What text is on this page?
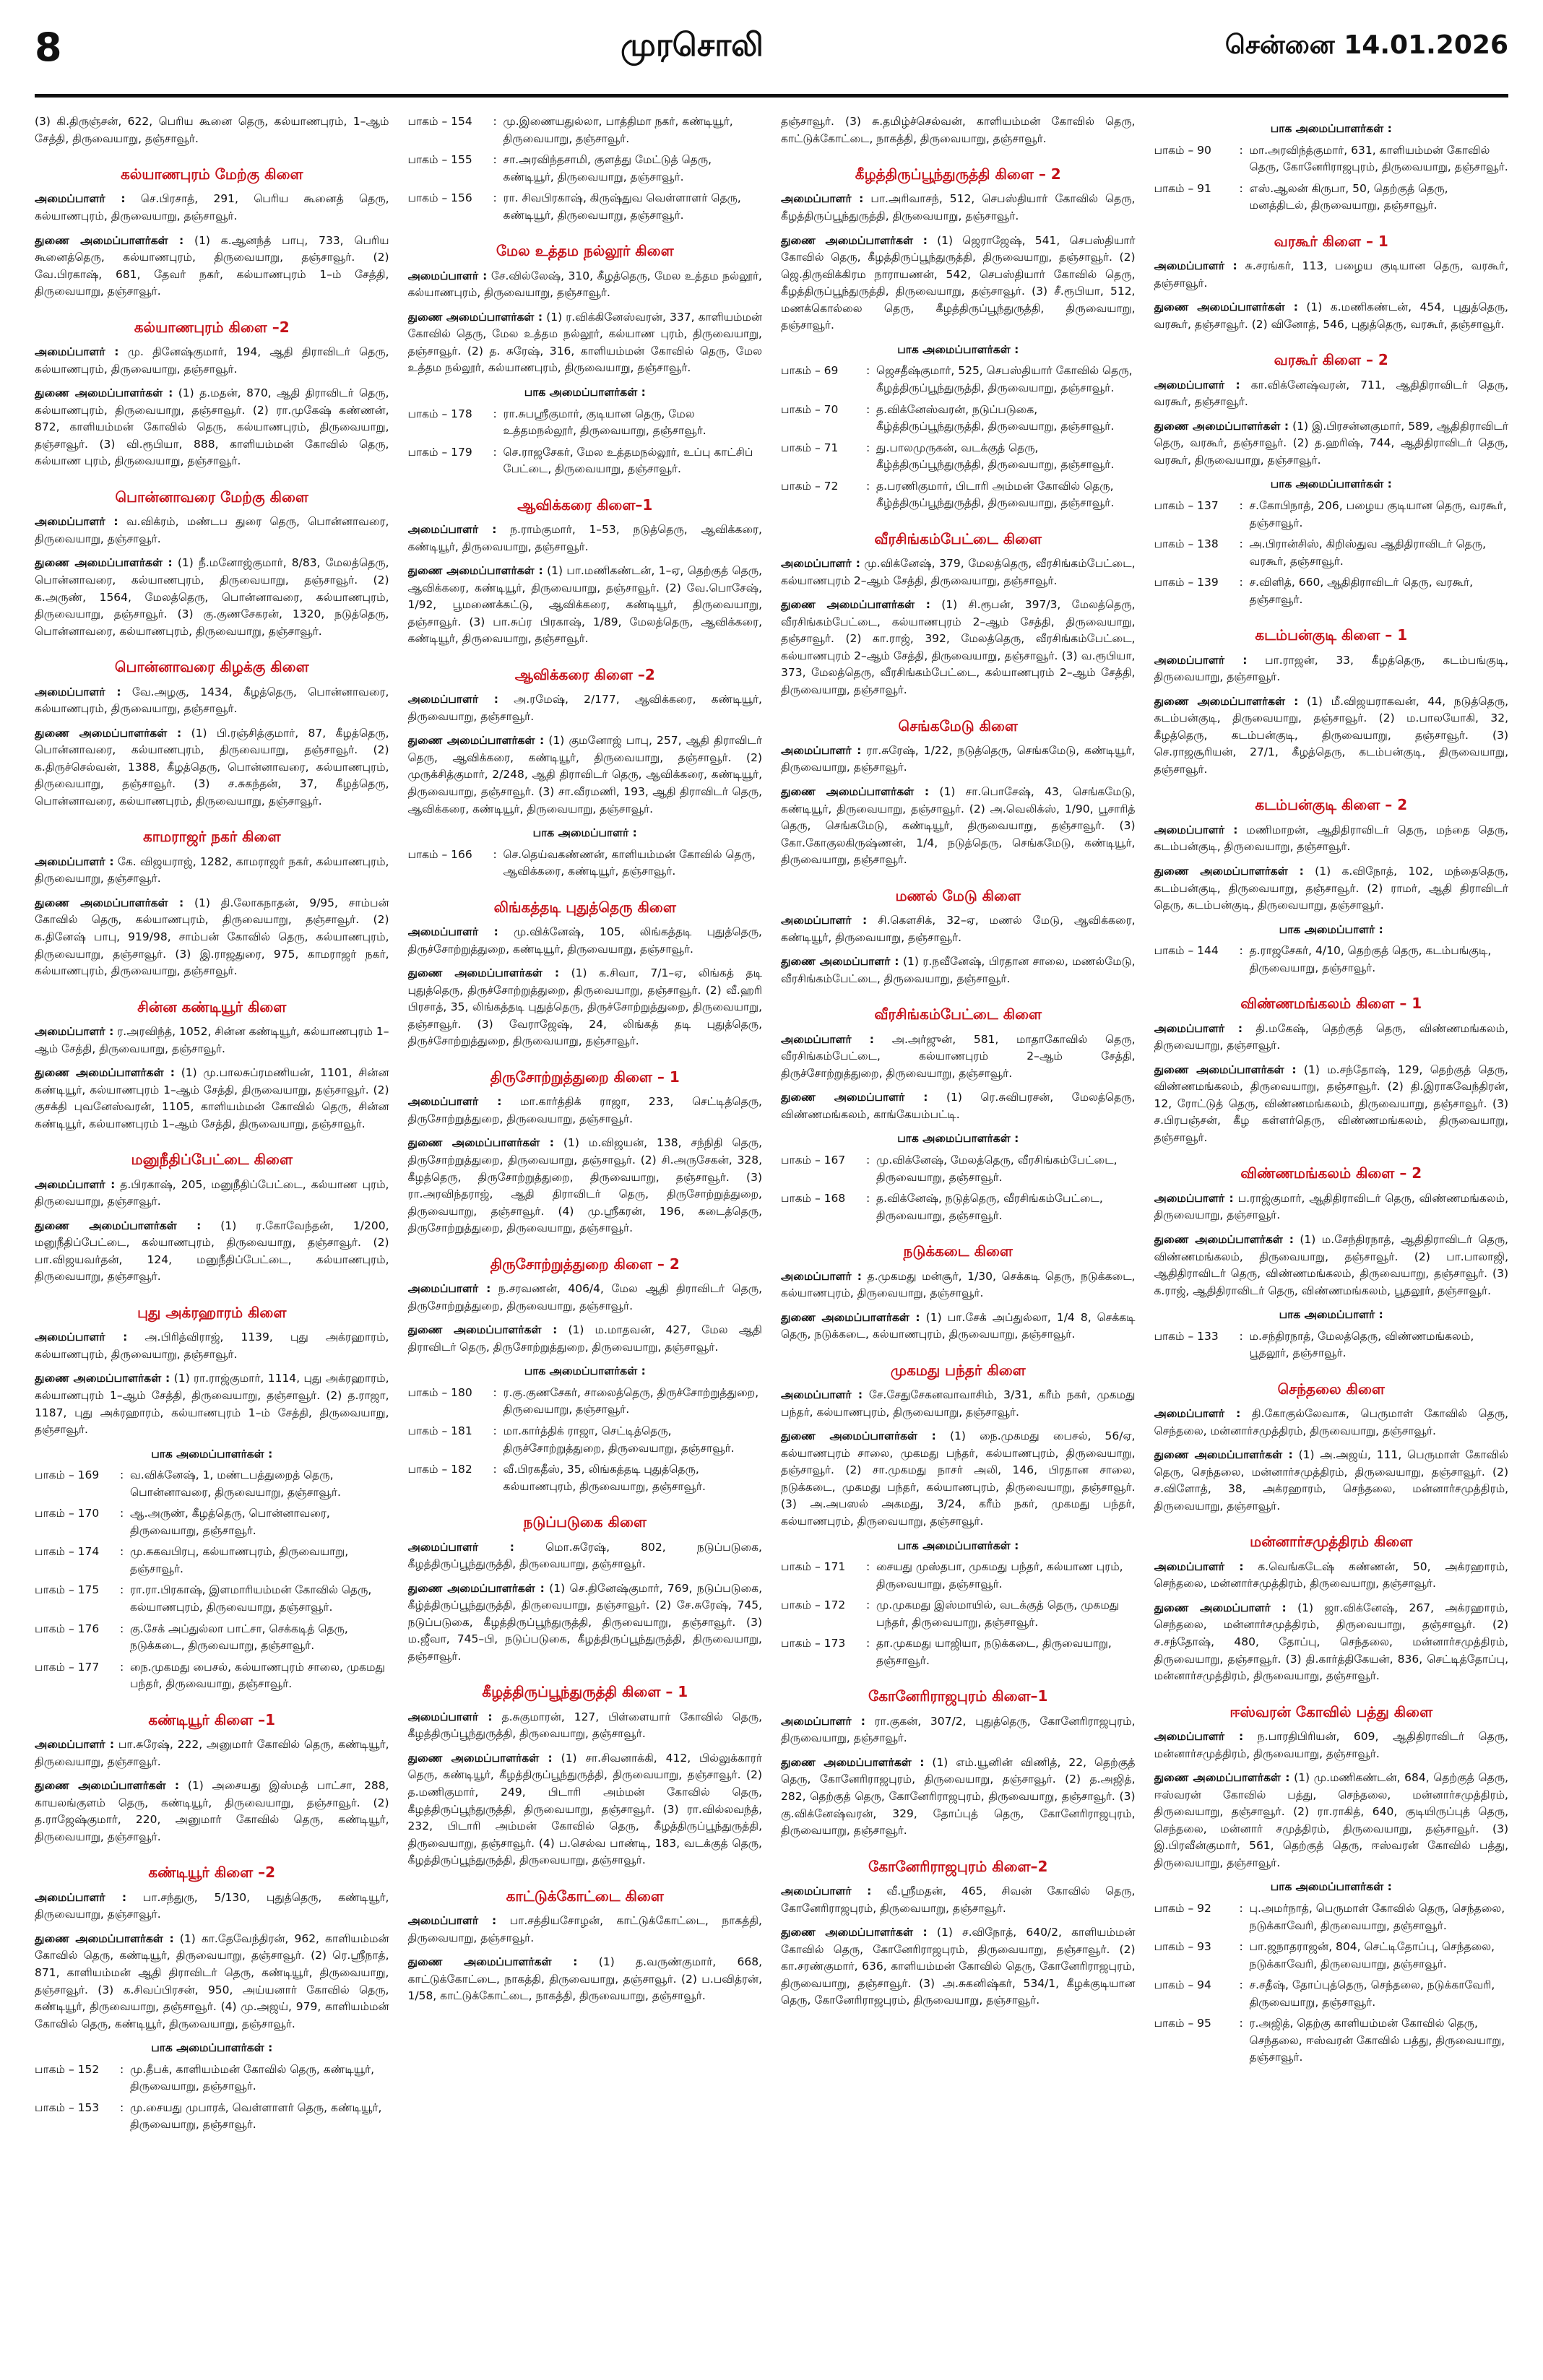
8	முரசொலி	சென்னை 14.01.2026

(3) கி.திருஞ்சன், 622, பெரிய கூனை தெரு, கல்யாணபுரம், 1–ஆம் சேத்தி, திருவையாறு, தஞ்சாவூர்.

கல்யாணபுரம் மேற்கு கிளை

அமைப்பாளர் : செ.பிரசாத், 291, பெரிய கூனைத் தெரு, கல்யாணபுரம், திருவையாறு, தஞ்சாவூர்.

துணை அமைப்பாளர்கள் : (1) க.ஆனந்த் பாபு, 733, பெரிய கூனைத்தெரு, கல்யாணபுரம், திருவையாறு, தஞ்சாவூர். (2) வே.பிரகாஷ், 681, தேவர் நகர், கல்யாணபுரம் 1–ம் சேத்தி, திருவையாறு, தஞ்சாவூர்.

கல்யாணபுரம் கிளை –2

அமைப்பாளர் : மு. தினேஷ்குமார், 194, ஆதி திராவிடர் தெரு, கல்யாணபுரம், திருவையாறு, தஞ்சாவூர்.

துணை அமைப்பாளர்கள் : (1) த.மதன், 870, ஆதி திராவிடர் தெரு, கல்யாணபுரம், திருவையாறு, தஞ்சாவூர். (2) ரா.முகேஷ் கண்ணன், 872, காளியம்மன் கோவில் தெரு, கல்யாணபுரம், திருவையாறு, தஞ்சாவூர். (3) வி.ரூபியா, 888, காளியம்மன் கோவில் தெரு, கல்யாண புரம், திருவையாறு, தஞ்சாவூர்.

பொன்னாவரை மேற்கு கிளை

அமைப்பாளர் : வ.விக்ரம், மண்டப துரை தெரு, பொன்னாவரை, திருவையாறு, தஞ்சாவூர்.

துணை அமைப்பாளர்கள் : (1) நீ.மனோஜ்குமார், 8/83, மேலத்தெரு, பொன்னாவரை, கல்யாணபுரம், திருவையாறு, தஞ்சாவூர். (2) க.அருண், 1564, மேலத்தெரு, பொன்னாவரை, கல்யாணபுரம், திருவையாறு, தஞ்சாவூர். (3) கு.குணசேகரன், 1320, நடுத்தெரு, பொன்னாவரை, கல்யாணபுரம், திருவையாறு, தஞ்சாவூர்.

பொன்னாவரை கிழக்கு கிளை

அமைப்பாளர் : வே.அழகு, 1434, கீழத்தெரு, பொன்னாவரை, கல்யாணபுரம், திருவையாறு, தஞ்சாவூர்.

துணை அமைப்பாளர்கள் : (1) பி.ரஞ்சித்குமார், 87, கீழத்தெரு, பொன்னாவரை, கல்யாணபுரம், திருவையாறு, தஞ்சாவூர். (2) க.திருச்செல்வன், 1388, கீழத்தெரு, பொன்னாவரை, கல்யாணபுரம், திருவையாறு, தஞ்சாவூர். (3) ச.சுகந்தன், 37, கீழத்தெரு, பொன்னாவரை, கல்யாணபுரம், திருவையாறு, தஞ்சாவூர்.

காமராஜர் நகர் கிளை

அமைப்பாளர் : கே. விஜயராஜ், 1282, காமராஜர் நகர், கல்யாணபுரம், திருவையாறு, தஞ்சாவூர்.

துணை அமைப்பாளர்கள் : (1) தி.லோகநாதன், 9/95, சாம்பன் கோவில் தெரு, கல்யாணபுரம், திருவையாறு, தஞ்சாவூர். (2) க.தினேஷ் பாபு, 919/98, சாம்பன் கோவில் தெரு, கல்யாணபுரம், திருவையாறு, தஞ்சாவூர். (3) இ.ராஜதுரை, 975, காமராஜர் நகர், கல்யாணபுரம், திருவையாறு, தஞ்சாவூர்.

சின்ன கண்டியூர் கிளை

அமைப்பாளர் : ர.அரவிந்த், 1052, சின்ன கண்டியூர், கல்யாணபுரம் 1–ஆம் சேத்தி, திருவையாறு, தஞ்சாவூர்.

துணை அமைப்பாளர்கள் : (1) மு.பாலசுப்ரமணியன், 1101, சின்ன கண்டியூர், கல்யாணபுரம் 1–ஆம் சேத்தி, திருவையாறு, தஞ்சாவூர். (2) குசக்தி புவனேஸ்வரன், 1105, காளியம்மன் கோவில் தெரு, சின்ன கண்டியூர், கல்யாணபுரம் 1–ஆம் சேத்தி, திருவையாறு, தஞ்சாவூர்.

மனுநீதிப்பேட்டை கிளை

அமைப்பாளர் : த.பிரகாஷ், 205, மனுநீதிப்பேட்டை, கல்யாண புரம், திருவையாறு, தஞ்சாவூர்.

துணை அமைப்பாளர்கள் : (1) ர.கோவேந்தன், 1/200, மனுநீதிப்பேட்டை, கல்யாணபுரம், திருவையாறு, தஞ்சாவூர். (2) பா.விஜயவர்தன், 124, மனுநீதிப்பேட்டை, கல்யாணபுரம், திருவையாறு, தஞ்சாவூர்.

புது அக்ரஹாரம் கிளை

அமைப்பாளர் : அ.பிரித்விராஜ், 1139, புது அக்ரஹாரம், கல்யாணபுரம், திருவையாறு, தஞ்சாவூர்.

துணை அமைப்பாளர்கள் : (1) ரா.ராஜ்குமார், 1114, புது அக்ரஹாரம், கல்யாணபுரம் 1–ஆம் சேத்தி, திருவையாறு, தஞ்சாவூர். (2) த.ராஜா, 1187, புது அக்ரஹாரம், கல்யாணபுரம் 1–ம் சேத்தி, திருவையாறு, தஞ்சாவூர்.

பாக அமைப்பாளர்கள் :
பாகம் – 169	: வ.விக்னேஷ், 1, மண்டபத்துறைத் தெரு, பொன்னாவரை, திருவையாறு, தஞ்சாவூர்.
பாகம் – 170	: ஆ.அருண், கீழத்தெரு, பொன்னாவரை, திருவையாறு, தஞ்சாவூர்.
பாகம் – 174	: மு.சுகவபிரபு, கல்யாணபுரம், திருவையாறு, தஞ்சாவூர்.
பாகம் – 175	: ரா.ரா.பிரகாஷ், இளமாரியம்மன் கோவில் தெரு, கல்யாணபுரம், திருவையாறு, தஞ்சாவூர்.
பாகம் – 176	: கு.சேக் அப்துல்லா பாட்சா, செக்கடித் தெரு, நடுக்கடை, திருவையாறு, தஞ்சாவூர்.
பாகம் – 177	: நை.முகமது பைசல், கல்யாணபுரம் சாலை, முகமது பந்தர், திருவையாறு, தஞ்சாவூர்.
கண்டியூர் கிளை –1

அமைப்பாளர் : பா.சுரேஷ், 222, அனுமார் கோவில் தெரு, கண்டியூர், திருவையாறு, தஞ்சாவூர்.

துணை அமைப்பாளர்கள் : (1) அசையது இஸ்மத் பாட்சா, 288, காயலங்குளம் தெரு, கண்டியூர், திருவையாறு, தஞ்சாவூர். (2) த.ராஜேஷ்குமார், 220, அனுமார் கோவில் தெரு, கண்டியூர், திருவையாறு, தஞ்சாவூர்.

கண்டியூர் கிளை –2

அமைப்பாளர் : பா.சந்துரு, 5/130, புதுத்தெரு, கண்டியூர், திருவையாறு, தஞ்சாவூர்.

துணை அமைப்பாளர்கள் : (1) கா.தேவேந்திரன், 962, காளியம்மன் கோவில் தெரு, கண்டியூர், திருவையாறு, தஞ்சாவூர். (2) ரெ.ஸ்ரீநாத், 871, காளியம்மன் ஆதி திராவிடர் தெரு, கண்டியூர், திருவையாறு, தஞ்சாவூர். (3) க.சிவப்பிரசன், 950, அய்யனார் கோவில் தெரு, கண்டியூர், திருவையாறு, தஞ்சாவூர். (4) மு.அஜய், 979, காளியம்மன் கோவில் தெரு, கண்டியூர், திருவையாறு, தஞ்சாவூர்.

பாக அமைப்பாளர்கள் :
பாகம் – 152	: மு.தீபக், காளியம்மன் கோவில் தெரு, கண்டியூர், திருவையாறு, தஞ்சாவூர்.
பாகம் – 153	: மு.சையது முபாரக், வெள்ளாளர் தெரு, கண்டியூர், திருவையாறு, தஞ்சாவூர்.
பாகம் – 154	: மு.இணையதுல்லா, பாத்திமா நகர், கண்டியூர், திருவையாறு, தஞ்சாவூர்.
பாகம் – 155	: சா.அரவிந்தசாமி, குளத்து மேட்டுத் தெரு, கண்டியூர், திருவையாறு, தஞ்சாவூர்.
பாகம் – 156	: ரா. சிவபிரகாஷ், கிருஷ்துவ வெள்ளாளர் தெரு, கண்டியூர், திருவையாறு, தஞ்சாவூர்.
மேல உத்தம நல்லூர் கிளை

அமைப்பாளர் : சே.வில்லேஷ், 310, கீழத்தெரு, மேல உத்தம நல்லூர், கல்யாணபுரம், திருவையாறு, தஞ்சாவூர்.

துணை அமைப்பாளர்கள் : (1) ர.விக்கினேஸ்வரன், 337, காளியம்மன் கோவில் தெரு, மேல உத்தம நல்லூர், கல்யாண புரம், திருவையாறு, தஞ்சாவூர். (2) த. சுரேஷ், 316, காளியம்மன் கோவில் தெரு, மேல உத்தம நல்லூர், கல்யாணபுரம், திருவையாறு, தஞ்சாவூர்.

பாக அமைப்பாளர்கள் :
பாகம் – 178	: ரா.சுபஸ்ரீகுமார், குடியான தெரு, மேல உத்தமநல்லூர், திருவையாறு, தஞ்சாவூர்.
பாகம் – 179	: செ.ராஜசேகர், மேல உத்தமநல்லூர், உப்பு காட்சிப் பேட்டை, திருவையாறு, தஞ்சாவூர்.
ஆவிக்கரை கிளை–1

அமைப்பாளர் : ந.ராம்குமார், 1–53, நடுத்தெரு, ஆவிக்கரை, கண்டியூர், திருவையாறு, தஞ்சாவூர்.

துணை அமைப்பாளர்கள் : (1) பா.மணிகண்டன், 1–ஏ, தெற்குத் தெரு, ஆவிக்கரை, கண்டியூர், திருவையாறு, தஞ்சாவூர். (2) வே.பொசேஷ், 1/92, பூமணைக்கட்டு, ஆவிக்கரை, கண்டியூர், திருவையாறு, தஞ்சாவூர். (3) பா.சுப்ர பிரகாஷ், 1/89, மேலத்தெரு, ஆவிக்கரை, கண்டியூர், திருவையாறு, தஞ்சாவூர்.

ஆவிக்கரை கிளை –2

அமைப்பாளர் : அ.ரமேஷ், 2/177, ஆவிக்கரை, கண்டியூர், திருவையாறு, தஞ்சாவூர்.

துணை அமைப்பாளர்கள் : (1) குமனோஜ் பாபு, 257, ஆதி திராவிடர் தெரு, ஆவிக்கரை, கண்டியூர், திருவையாறு, தஞ்சாவூர். (2) முருக்சித்குமார், 2/248, ஆதி திராவிடர் தெரு, ஆவிக்கரை, கண்டியூர், திருவையாறு, தஞ்சாவூர். (3) சா.வீரமணி, 193, ஆதி திராவிடர் தெரு, ஆவிக்கரை, கண்டியூர், திருவையாறு, தஞ்சாவூர்.

பாக அமைப்பாளர் :
பாகம் – 166	: செ.தெய்வகண்ணன், காளியம்மன் கோவில் தெரு, ஆவிக்கரை, கண்டியூர், தஞ்சாவூர்.
லிங்கத்தடி புதுத்தெரு கிளை

அமைப்பாளர் : மு.விக்னேஷ், 105, லிங்கத்தடி புதுத்தெரு, திருச்சோற்றுத்துறை, கண்டியூர், திருவையாறு, தஞ்சாவூர்.

துணை அமைப்பாளர்கள் : (1) க.சிவா, 7/1–ஏ, லிங்கத் தடி புதுத்தெரு, திருச்சோற்றுத்துறை, திருவையாறு, தஞ்சாவூர். (2) வீ.ஹரி பிரசாத், 35, லிங்கத்தடி புதுத்தெரு, திருச்சோற்றுத்துறை, திருவையாறு, தஞ்சாவூர். (3) வேராஜேஷ், 24, லிங்கத் தடி புதுத்தெரு, திருச்சோற்றுத்துறை, திருவையாறு, தஞ்சாவூர்.

திருசோற்றுத்துறை கிளை – 1

அமைப்பாளர் : மா.கார்த்திக் ராஜா, 233, செட்டித்தெரு, திருசோற்றுத்துறை, திருவையாறு, தஞ்சாவூர்.

துணை அமைப்பாளர்கள் : (1) ம.விஜயன், 138, சந்நிதி தெரு, திருசோற்றுத்துறை, திருவையாறு, தஞ்சாவூர். (2) சி.அருசேகன், 328, கீழத்தெரு, திருசோற்றுத்துறை, திருவையாறு, தஞ்சாவூர். (3) ரா.அரவிந்தராஜ், ஆதி திராவிடர் தெரு, திருசோற்றுத்துறை, திருவையாறு, தஞ்சாவூர். (4) மு.ஸ்ரீகரன், 196, கடைத்தெரு, திருசோற்றுத்துறை, திருவையாறு, தஞ்சாவூர்.

திருசோற்றுத்துறை கிளை – 2

அமைப்பாளர் : ந.சரவணன், 406/4, மேல ஆதி திராவிடர் தெரு, திருசோற்றுத்துறை, திருவையாறு, தஞ்சாவூர்.

துணை அமைப்பாளர்கள் : (1) ம.மாதவன், 427, மேல ஆதி திராவிடர் தெரு, திருசோற்றுத்துறை, திருவையாறு, தஞ்சாவூர்.

பாக அமைப்பாளர்கள் :
பாகம் – 180	: ர.கு.குணசேகர், சாலைத்தெரு, திருச்சோற்றுத்துறை, திருவையாறு, தஞ்சாவூர்.
பாகம் – 181	: மா.கார்த்திக் ராஜா, செட்டித்தெரு, திருச்சோற்றுத்துறை, திருவையாறு, தஞ்சாவூர்.
பாகம் – 182	: வீ.பிரகதீஸ், 35, லிங்கத்தடி புதுத்தெரு, கல்யாணபுரம், திருவையாறு, தஞ்சாவூர்.
நடுப்படுகை கிளை

அமைப்பாளர் :	மொ.சுரேஷ், 802, நடுப்படுகை, கீழத்திருப்பூந்துருத்தி, திருவையாறு, தஞ்சாவூர்.

துணை அமைப்பாளர்கள் : (1) செ.தினேஷ்குமார், 769, நடுப்படுகை, கீழ்த்திருப்பூந்துருத்தி, திருவையாறு, தஞ்சாவூர். (2) சே.சுரேஷ், 745, நடுப்படுகை, கீழத்திருப்பூந்துருத்தி, திருவையாறு, தஞ்சாவூர். (3) ம.ஜீவா, 745–பி, நடுப்படுகை, கீழத்திருப்பூந்துருத்தி, திருவையாறு, தஞ்சாவூர்.

கீழத்திருப்பூந்துருத்தி கிளை – 1

அமைப்பாளர் : த.சுகுமாரன், 127, பிள்ளையார் கோவில் தெரு, கீழத்திருப்பூந்துருத்தி, திருவையாறு, தஞ்சாவூர்.

துணை அமைப்பாளர்கள் : (1) சா.சிவனாக்கி, 412, பில்லுக்காரர் தெரு, கண்டியூர், கீழத்திருப்பூந்துருத்தி, திருவையாறு, தஞ்சாவூர். (2) த.மணிகுமார், 249, பிடாரி அம்மன் கோவில் தெரு, கீழத்திருப்பூந்துருத்தி, திருவையாறு, தஞ்சாவூர். (3) ரா.வில்லவந்த், 232, பிடாரி அம்மன் கோவில் தெரு, கீழத்திருப்பூந்துருத்தி, திருவையாறு, தஞ்சாவூர். (4) ப.செல்வ பாண்டி, 183, வடக்குத் தெரு, கீழத்திருப்பூந்துருத்தி, திருவையாறு, தஞ்சாவூர்.

காட்டுக்கோட்டை கிளை

அமைப்பாளர் : பா.சத்தியசோழன், காட்டுக்கோட்டை, நாகத்தி, திருவையாறு, தஞ்சாவூர்.

துணை அமைப்பாளர்கள் : (1) த.வருண்குமார், 668, காட்டுக்கோட்டை, நாகத்தி, திருவையாறு, தஞ்சாவூர். (2) ப.பவித்ரன், 1/58, காட்டுக்கோட்டை, நாகத்தி, திருவையாறு, தஞ்சாவூர்.

தஞ்சாவூர். (3) சு.தமிழ்ச்செல்வன், காளியம்மன் கோவில் தெரு, காட்டுக்கோட்டை, நாகத்தி, திருவையாறு, தஞ்சாவூர்.

கீழத்திருப்பூந்துருத்தி கிளை – 2

அமைப்பாளர் : பா.அரிவாசந், 512, செபஸ்தியார் கோவில் தெரு, கீழத்திருப்பூந்துருத்தி, திருவையாறு, தஞ்சாவூர்.

துணை அமைப்பாளர்கள் : (1) ஜெராஜேஷ், 541, செபஸ்தியார் கோவில் தெரு, கீழத்திருப்பூந்துருத்தி, திருவையாறு, தஞ்சாவூர். (2) ஜெ.திருவிக்கிரம நாராயணன், 542, செபஸ்தியார் கோவில் தெரு, கீழத்திருப்பூந்துருத்தி, திருவையாறு, தஞ்சாவூர். (3) சீ.ரூபியா, 512, மணக்கொல்லை தெரு, கீழத்திருப்பூந்துருத்தி, திருவையாறு, தஞ்சாவூர்.

பாக அமைப்பாளர்கள் :
பாகம் – 69	: ஜெசதீஷ்குமார், 525, செபஸ்தியார் கோவில் தெரு, கீழத்திருப்பூந்துருத்தி, திருவையாறு, தஞ்சாவூர்.
பாகம் – 70	: த.விக்னேஸ்வரன், நடுப்படுகை, கீழ்த்திருப்பூந்துருத்தி, திருவையாறு, தஞ்சாவூர்.
பாகம் – 71	: து.பாலமுருகன், வடக்குத் தெரு, கீழ்த்திருப்பூந்துருத்தி, திருவையாறு, தஞ்சாவூர்.
பாகம் – 72	: த.பரணிகுமார், பிடாரி அம்மன் கோவில் தெரு, கீழ்த்திருப்பூந்துருத்தி, திருவையாறு, தஞ்சாவூர்.
வீரசிங்கம்பேட்டை கிளை

அமைப்பாளர் : மு.விக்னேஷ், 379, மேலத்தெரு, வீரசிங்கம்பேட்டை, கல்யாணபுரம் 2–ஆம் சேத்தி, திருவையாறு, தஞ்சாவூர்.

துணை அமைப்பாளர்கள் : (1) சி.ரூபன், 397/3, மேலத்தெரு, வீரசிங்கம்பேட்டை, கல்யாணபுரம் 2–ஆம் சேத்தி, திருவையாறு, தஞ்சாவூர். (2) கா.ராஜ், 392, மேலத்தெரு, வீரசிங்கம்பேட்டை, கல்யாணபுரம் 2–ஆம் சேத்தி, திருவையாறு, தஞ்சாவூர். (3) வ.ரூபியா, 373, மேலத்தெரு, வீரசிங்கம்பேட்டை, கல்யாணபுரம் 2–ஆம் சேத்தி, திருவையாறு, தஞ்சாவூர்.

செங்கமேடு கிளை

அமைப்பாளர் : ரா.சுரேஷ், 1/22, நடுத்தெரு, செங்கமேடு, கண்டியூர், திருவையாறு, தஞ்சாவூர்.

துணை அமைப்பாளர்கள் : (1) சா.பொசேஷ், 43, செங்கமேடு, கண்டியூர், திருவையாறு, தஞ்சாவூர். (2) அ.வெலிக்ஸ், 1/90, பூசாரித் தெரு, செங்கமேடு, கண்டியூர், திருவையாறு, தஞ்சாவூர். (3) கோ.கோகுலகிருஷ்ணன், 1/4, நடுத்தெரு, செங்கமேடு, கண்டியூர், திருவையாறு, தஞ்சாவூர்.

மணல் மேடு கிளை

அமைப்பாளர் : சி.கௌசிக், 32–ஏ, மணல் மேடு, ஆவிக்கரை, கண்டியூர், திருவையாறு, தஞ்சாவூர்.

துணை அமைப்பாளர் : (1) ர.நவீனேஷ், பிரதான சாலை, மணல்மேடு, வீரசிங்கம்பேட்டை, திருவையாறு, தஞ்சாவூர்.

வீரசிங்கம்பேட்டை கிளை

அமைப்பாளர் : அ.அர்ஜுன், 581, மாதாகோவில் தெரு, வீரசிங்கம்பேட்டை, கல்யாணபுரம் 2–ஆம் சேத்தி, திருச்சோற்றுத்துறை, திருவையாறு, தஞ்சாவூர்.

துணை அமைப்பாளர் : (1) ரெ.சுவிபரசன், மேலத்தெரு, விண்ணமங்கலம், காங்கேயம்பட்டி.

பாக அமைப்பாளர்கள் :
பாகம் – 167	: மு.விக்னேஷ், மேலத்தெரு, வீரசிங்கம்பேட்டை, திருவையாறு, தஞ்சாவூர்.
பாகம் – 168	: த.விக்னேஷ், நடுத்தெரு, வீரசிங்கம்பேட்டை, திருவையாறு, தஞ்சாவூர்.
நடுக்கடை கிளை

அமைப்பாளர் : த.முகமது மன்சூர், 1/30, செக்கடி தெரு, நடுக்கடை, கல்யாணபுரம், திருவையாறு, தஞ்சாவூர்.

துணை அமைப்பாளர்கள் : (1) பா.சேக் அப்துல்லா, 1/4 8, செக்கடி தெரு, நடுக்கடை, கல்யாணபுரம், திருவையாறு, தஞ்சாவூர்.

முகமது பந்தர் கிளை

அமைப்பாளர் : சே.சேதுசேகனவாவாசிம், 3/31, கரீம் நகர், முகமது பந்தர், கல்யாணபுரம், திருவையாறு, தஞ்சாவூர்.

துணை அமைப்பாளர்கள் : (1) நை.முகமது பைசல், 56/ஏ, கல்யாணபுரம் சாலை, முகமது பந்தர், கல்யாணபுரம், திருவையாறு, தஞ்சாவூர். (2) சா.முகமது நாசர் அலி, 146, பிரதான சாலை, நடுக்கடை, முகமது பந்தர், கல்யாணபுரம், திருவையாறு, தஞ்சாவூர். (3) அ.அபஸல் அகமது, 3/24, கரீம் நகர், முகமது பந்தர், கல்யாணபுரம், திருவையாறு, தஞ்சாவூர்.

பாக அமைப்பாளர்கள் :
பாகம் – 171	: சையது முஸ்தபா, முகமது பந்தர், கல்யாண புரம், திருவையாறு, தஞ்சாவூர்.
பாகம் – 172	: மு.முகமது இஸ்மாயில், வடக்குத் தெரு, முகமது பந்தர், திருவையாறு, தஞ்சாவூர்.
பாகம் – 173	: தா.முகமது யாஜியா, நடுக்கடை, திருவையாறு, தஞ்சாவூர்.
கோனேரிராஜபுரம் கிளை–1

அமைப்பாளர் : ரா.குகன், 307/2, புதுத்தெரு, கோனேரிராஜபுரம், திருவையாறு, தஞ்சாவூர்.

துணை அமைப்பாளர்கள் : (1) எம்.யூனின் விணித், 22, தெற்குத் தெரு, கோனேரிராஜபுரம், திருவையாறு, தஞ்சாவூர். (2) த.அஜித், 282, தெற்குத் தெரு, கோனேரிராஜபுரம், திருவையாறு, தஞ்சாவூர். (3) கு.விக்னேஷ்வரன், 329, தோப்புத் தெரு, கோனேரிராஜபுரம், திருவையாறு, தஞ்சாவூர்.

கோனேரிராஜபுரம் கிளை–2

அமைப்பாளர் : வீ.ஸ்ரீமதன், 465, சிவன் கோவில் தெரு, கோனேரிராஜபுரம், திருவையாறு, தஞ்சாவூர்.

துணை அமைப்பாளர்கள் : (1) ச.விநோத், 640/2, காளியம்மன் கோவில் தெரு, கோனேரிராஜபுரம், திருவையாறு, தஞ்சாவூர். (2) கா.சரண்குமார், 636, காளியம்மன் கோவில் தெரு, கோனேரிராஜபுரம், திருவையாறு, தஞ்சாவூர். (3) அ.சுகனிஷ்கர், 534/1, கீழக்குடியான தெரு, கோனேரிராஜபுரம், திருவையாறு, தஞ்சாவூர்.

பாக அமைப்பாளர்கள் :
பாகம் – 90	: மா.அரவிந்த்குமார், 631, காளியம்மன் கோவில் தெரு, கோனேரிராஜபுரம், திருவையாறு, தஞ்சாவூர்.
பாகம் – 91	: எஸ்.ஆலன் கிருபா, 50, தெற்குத் தெரு, மனத்திடல், திருவையாறு, தஞ்சாவூர்.
வரகூர் கிளை – 1

அமைப்பாளர் : சு.சரங்கர், 113, பழைய குடியான தெரு, வரகூர், தஞ்சாவூர்.

துணை அமைப்பாளர்கள் : (1) க.மணிகண்டன், 454, புதுத்தெரு, வரகூர், தஞ்சாவூர். (2) வினோத், 546, புதுத்தெரு, வரகூர், தஞ்சாவூர்.

வரகூர் கிளை – 2

அமைப்பாளர் : கா.விக்னேஷ்வரன், 711, ஆதிதிராவிடர் தெரு, வரகூர், தஞ்சாவூர்.

துணை அமைப்பாளர்கள் : (1) இ.பிரசன்னகுமார், 589, ஆதிதிராவிடர் தெரு, வரகூர், தஞ்சாவூர். (2) த.ஹரிஷ், 744, ஆதிதிராவிடர் தெரு, வரகூர், திருவையாறு, தஞ்சாவூர்.

பாக அமைப்பாளர்கள் :
பாகம் – 137	: ச.கோபிநாத், 206, பழைய குடியான தெரு, வரகூர், தஞ்சாவூர்.
பாகம் – 138	: அ.பிரான்சிஸ், கிறிஸ்துவ ஆதிதிராவிடர் தெரு, வரகூர், தஞ்சாவூர்.
பாகம் – 139	: ச.விளித், 660, ஆதிதிராவிடர் தெரு, வரகூர், தஞ்சாவூர்.
கடம்பன்குடி கிளை – 1

அமைப்பாளர் : பா.ராஜன், 33, கீழத்தெரு, கடம்பங்குடி, திருவையாறு, தஞ்சாவூர்.

துணை அமைப்பாளர்கள் : (1) மீ.விஜயராகவன், 44, நடுத்தெரு, கடம்பன்குடி, திருவையாறு, தஞ்சாவூர். (2) ம.பாலயோகி, 32, கீழத்தெரு, கடம்பன்குடி, திருவையாறு, தஞ்சாவூர். (3) செ.ராஜசூரியன், 27/1, கீழத்தெரு, கடம்பன்குடி, திருவையாறு, தஞ்சாவூர்.

கடம்பன்குடி கிளை – 2

அமைப்பாளர் : மணிமாறன், ஆதிதிராவிடர் தெரு, மந்தை தெரு, கடம்பன்குடி, திருவையாறு, தஞ்சாவூர்.

துணை அமைப்பாளர்கள் : (1) க.விநோத், 102, மந்தைதெரு, கடம்பன்குடி, திருவையாறு, தஞ்சாவூர். (2) ராமர், ஆதி திராவிடர் தெரு, கடம்பன்குடி, திருவையாறு, தஞ்சாவூர்.

பாக அமைப்பாளர் :
பாகம் – 144	: த.ராஜசேகர், 4/10, தெற்குத் தெரு, கடம்பங்குடி, திருவையாறு, தஞ்சாவூர்.
விண்ணமங்கலம் கிளை – 1

அமைப்பாளர் : தி.மகேஷ், தெற்குத் தெரு, விண்ணமங்கலம், திருவையாறு, தஞ்சாவூர்.

துணை அமைப்பாளர்கள் : (1) ம.சந்தோஷ், 129, தெற்குத் தெரு, விண்ணமங்கலம், திருவையாறு, தஞ்சாவூர். (2) தி.இராகவேந்திரன், 12, ரோட்டுத் தெரு, விண்ணமங்கலம், திருவையாறு, தஞ்சாவூர். (3) ச.பிரபஞ்சன், கீழ கள்ளர்தெரு, விண்ணமங்கலம், திருவையாறு, தஞ்சாவூர்.

விண்ணமங்கலம் கிளை – 2

அமைப்பாளர் : ப.ராஜ்குமார், ஆதிதிராவிடர் தெரு, விண்ணமங்கலம், திருவையாறு, தஞ்சாவூர்.

துணை அமைப்பாளர்கள் : (1) ம.சேந்திரநாத், ஆதிதிராவிடர் தெரு, விண்ணமங்கலம், திருவையாறு, தஞ்சாவூர். (2) பா.பாலாஜி, ஆதிதிராவிடர் தெரு, விண்ணமங்கலம், திருவையாறு, தஞ்சாவூர். (3) க.ராஜ், ஆதிதிராவிடர் தெரு, விண்ணமங்கலம், பூதலூர், தஞ்சாவூர்.

பாக அமைப்பாளர் :
பாகம் – 133	: ம.சந்திரநாத், மேலத்தெரு, விண்ணமங்கலம், பூதலூர், தஞ்சாவூர்.
செந்தலை கிளை

அமைப்பாளர் : தி.கோகுல்லேவாசு, பெருமாள் கோவில் தெரு, செந்தலை, மன்னார்சமுத்திரம், திருவையாறு, தஞ்சாவூர்.

துணை அமைப்பாளர்கள் : (1) அ.அஜய், 111, பெருமாள் கோவில் தெரு, செந்தலை, மன்னார்சமுத்திரம், திருவையாறு, தஞ்சாவூர். (2) ச.விளோத், 38, அக்ரஹாரம், செந்தலை, மன்னார்சமுத்திரம், திருவையாறு, தஞ்சாவூர்.

மன்னார்சமுத்திரம் கிளை

அமைப்பாளர் : க.வெங்கடேஷ் கண்ணன், 50, அக்ரஹாரம், செந்தலை, மன்னார்சமுத்திரம், திருவையாறு, தஞ்சாவூர்.

துணை அமைப்பாளர் : (1) ஜா.விக்னேஷ், 267, அக்ரஹாரம், செந்தலை, மன்னார்சமுத்திரம், திருவையாறு, தஞ்சாவூர். (2) ச.சந்தோஷ், 480, தோப்பு, செந்தலை, மன்னார்சமுத்திரம், திருவையாறு, தஞ்சாவூர். (3) தி.கார்த்திகேயன், 836, செட்டித்தோப்பு, மன்னார்சமுத்திரம், திருவையாறு, தஞ்சாவூர்.

ஈஸ்வரன் கோவில் பத்து கிளை

அமைப்பாளர் : ந.பாரதிபிரியன், 609, ஆதிதிராவிடர் தெரு, மன்னார்சமுத்திரம், திருவையாறு, தஞ்சாவூர்.

துணை அமைப்பாளர்கள் : (1) மு.மணிகண்டன், 684, தெற்குத் தெரு, ஈஸ்வரன் கோவில் பத்து, செந்தலை, மன்னார்சமுத்திரம், திருவையாறு, தஞ்சாவூர். (2) ரா.ராகித், 640, குடியிருப்புத் தெரு, செந்தலை, மன்னார் சமுத்திரம், திருவையாறு, தஞ்சாவூர். (3) இ.பிரவீன்குமார், 561, தெற்குத் தெரு, ஈஸ்வரன் கோவில் பத்து, திருவையாறு, தஞ்சாவூர்.

பாக அமைப்பாளர்கள் :
பாகம் – 92	: பு.அமர்நாத், பெருமாள் கோவில் தெரு, செந்தலை, நடுக்காவேரி, திருவையாறு, தஞ்சாவூர்.
பாகம் – 93	: பா.ஜநாதராஜன், 804, செட்டிதோப்பு, செந்தலை, நடுக்காவேரி, திருவையாறு, தஞ்சாவூர்.
பாகம் – 94	: ச.சதீஷ், தோப்புத்தெரு, செந்தலை, நடுக்காவேரி, திருவையாறு, தஞ்சாவூர்.
பாகம் – 95	: ர.அஜித், தெற்கு காளியம்மன் கோவில் தெரு, செந்தலை, ஈஸ்வரன் கோவில் பத்து, திருவையாறு, தஞ்சாவூர்.
